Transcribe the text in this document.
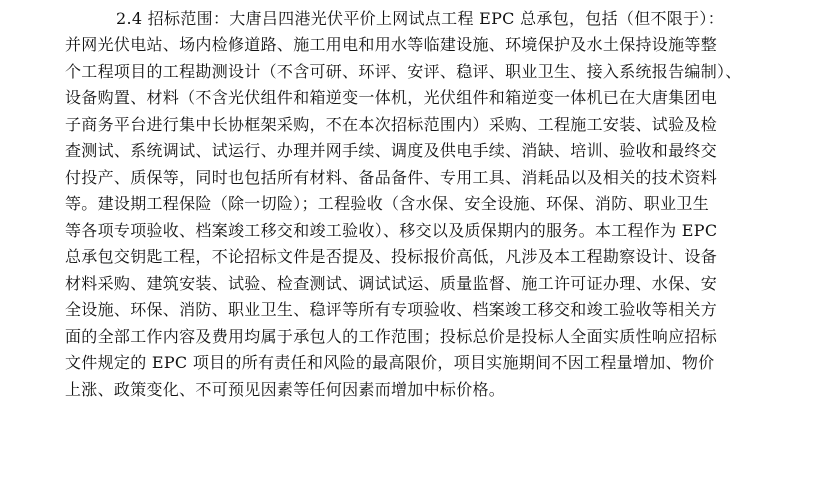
2.4 招标范围：大唐吕四港光伏平价上网试点工程 EPC 总承包，包括（但不限于）：
并网光伏电站、场内检修道路、施工用电和用水等临建设施、环境保护及水土保持设施等整
个工程项目的工程勘测设计（不含可研、环评、安评、稳评、职业卫生、接入系统报告编制）、
设备购置、材料（不含光伏组件和箱逆变一体机，光伏组件和箱逆变一体机已在大唐集团电
子商务平台进行集中长协框架采购，不在本次招标范围内）采购、工程施工安装、试验及检
查测试、系统调试、试运行、办理并网手续、调度及供电手续、消缺、培训、验收和最终交
付投产、质保等，同时也包括所有材料、备品备件、专用工具、消耗品以及相关的技术资料
等。建设期工程保险（除一切险）；工程验收（含水保、安全设施、环保、消防、职业卫生
等各项专项验收、档案竣工移交和竣工验收）、移交以及质保期内的服务。本工程作为 EPC
总承包交钥匙工程，不论招标文件是否提及、投标报价高低，凡涉及本工程勘察设计、设备
材料采购、建筑安装、试验、检查测试、调试试运、质量监督、施工许可证办理、水保、安
全设施、环保、消防、职业卫生、稳评等所有专项验收、档案竣工移交和竣工验收等相关方
面的全部工作内容及费用均属于承包人的工作范围；投标总价是投标人全面实质性响应招标
文件规定的 EPC 项目的所有责任和风险的最高限价，项目实施期间不因工程量增加、物价
上涨、政策变化、不可预见因素等任何因素而增加中标价格。
